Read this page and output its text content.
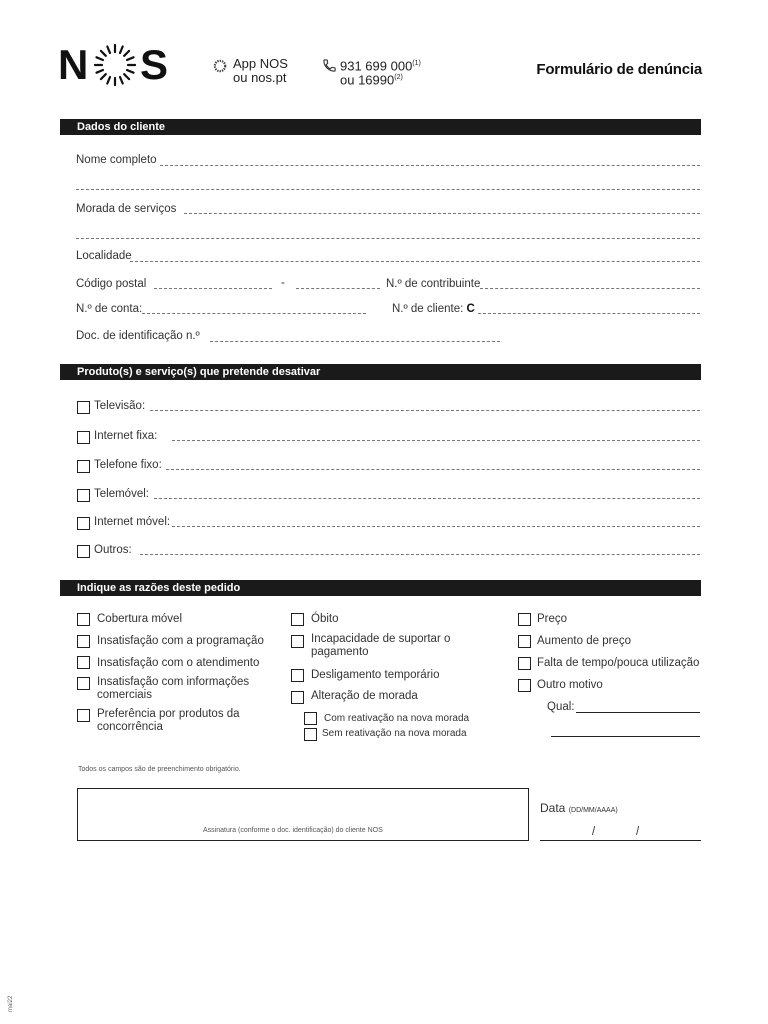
N S	App NOS
ou nos.pt
931 699 000$^{(1)}$
ou 16990$^{(2)}$	Formulário de denúncia
Dados do cliente
Nome completo
Morada de serviços
Localidade
Código postal	-	N.º de contribuinte
N.º de conta:	N.º de cliente: C
Doc. de identificação n.º
Produto(s) e serviço(s) que pretende desativar
Televisão:
Internet fixa:
Telefone fixo:
Telemóvel:
Internet móvel:
Outros:
Indique as razões deste pedido
Cobertura móvel
Insatisfação com a programação
Insatisfação com o atendimento
Insatisfação com informações comerciais
Preferência por produtos da concorrência
Óbito
Incapacidade de suportar o pagamento
Desligamento temporário
Alteração de morada
Com reativação na nova morada
Sem reativação na nova morada
Preço
Aumento de preço
Falta de tempo/pouca utilização
Outro motivo
Qual:
Todos os campos são de preenchimento obrigatório.
Assinatura (conforme o doc. identificação) do cliente NOS
Data (DD/MM/AAAA)
/	/
mai22
